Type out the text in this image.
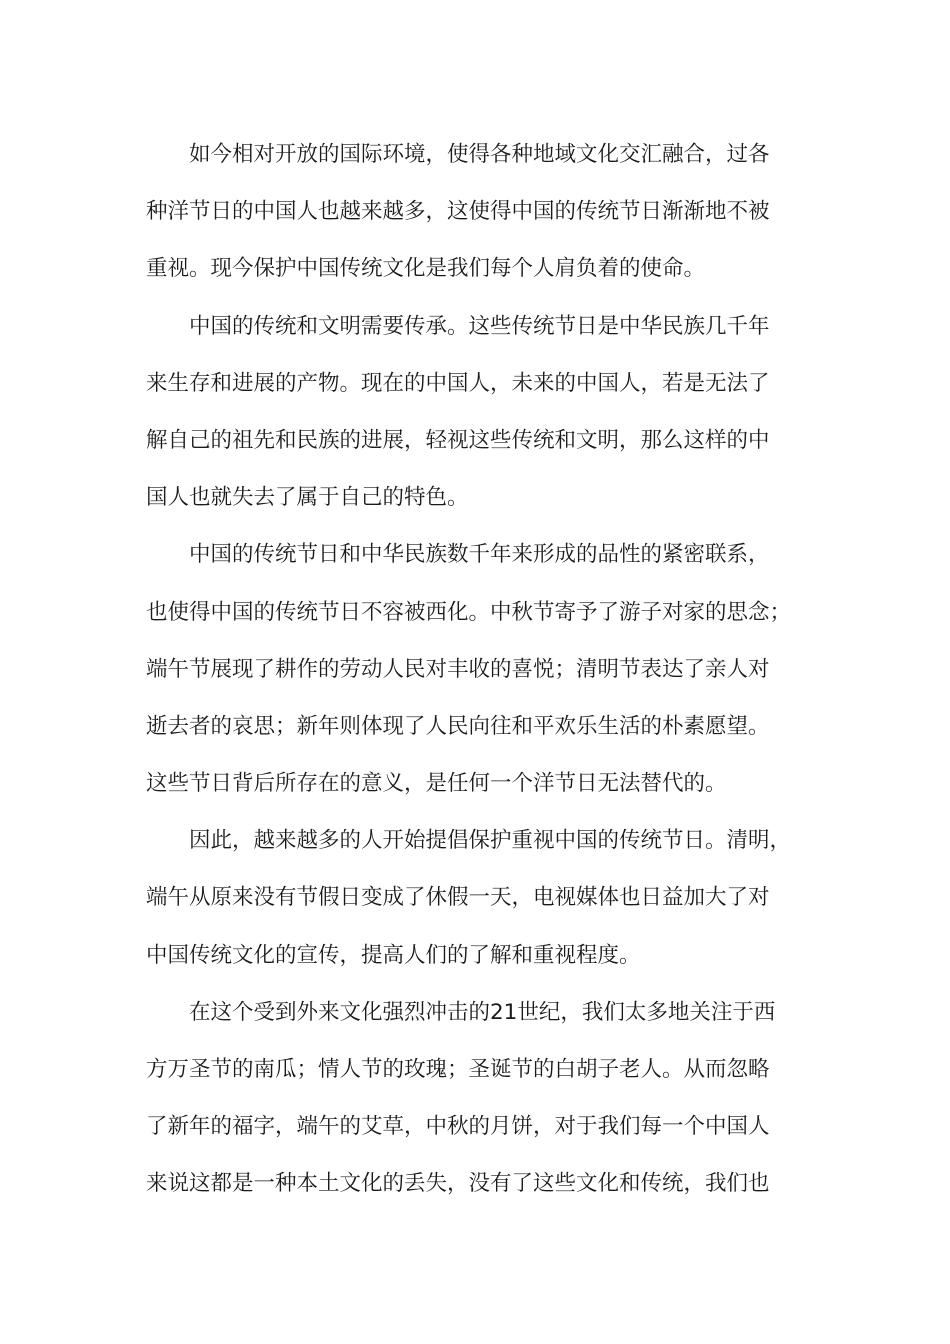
如今相对开放的国际环境，使得各种地域文化交汇融合，过各
种洋节日的中国人也越来越多，这使得中国的传统节日渐渐地不被
重视。现今保护中国传统文化是我们每个人肩负着的使命。
中国的传统和文明需要传承。这些传统节日是中华民族几千年
来生存和进展的产物。现在的中国人，未来的中国人，若是无法了
解自己的祖先和民族的进展，轻视这些传统和文明，那么这样的中
国人也就失去了属于自己的特色。
中国的传统节日和中华民族数千年来形成的品性的紧密联系，
也使得中国的传统节日不容被西化。中秋节寄予了游子对家的思念；
端午节展现了耕作的劳动人民对丰收的喜悦；清明节表达了亲人对
逝去者的哀思；新年则体现了人民向往和平欢乐生活的朴素愿望。
这些节日背后所存在的意义，是任何一个洋节日无法替代的。
因此，越来越多的人开始提倡保护重视中国的传统节日。清明，
端午从原来没有节假日变成了休假一天，电视媒体也日益加大了对
中国传统文化的宣传，提高人们的了解和重视程度。
在这个受到外来文化强烈冲击的21世纪，我们太多地关注于西
方万圣节的南瓜；情人节的玫瑰；圣诞节的白胡子老人。从而忽略
了新年的福字，端午的艾草，中秋的月饼，对于我们每一个中国人
来说这都是一种本土文化的丢失，没有了这些文化和传统，我们也
